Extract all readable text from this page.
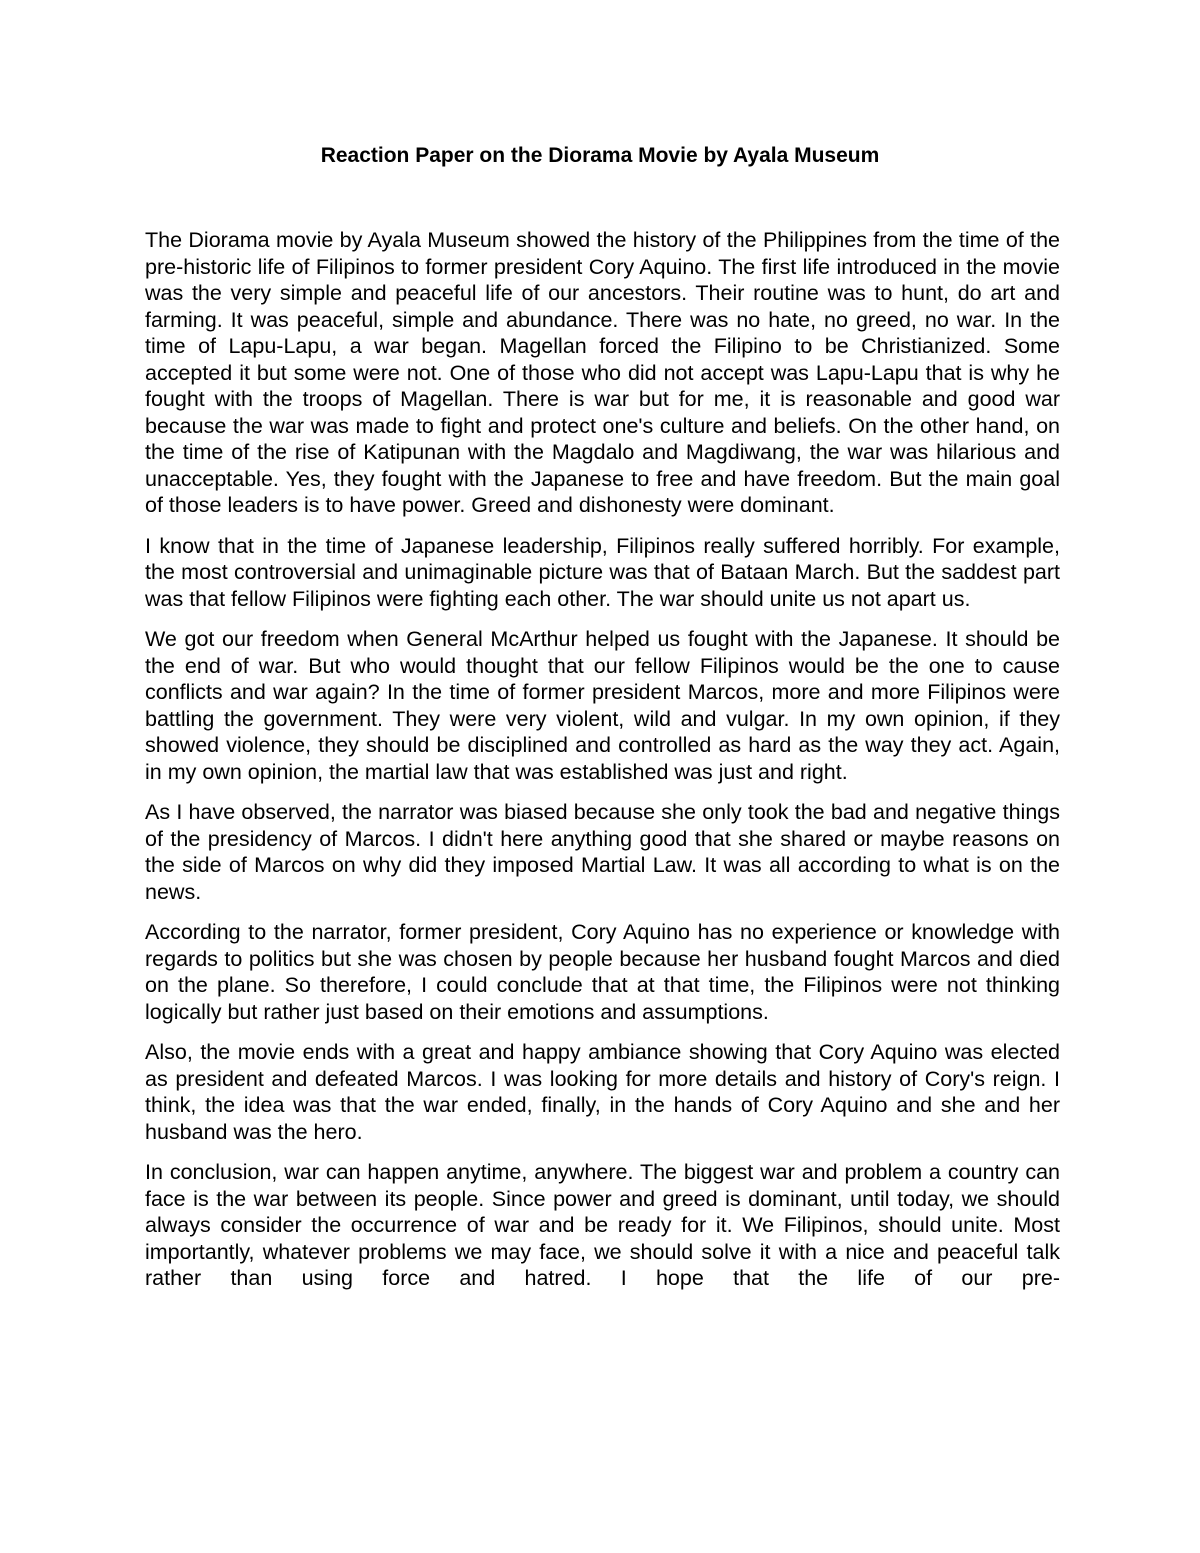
Reaction Paper on the Diorama Movie by Ayala Museum

The Diorama movie by Ayala Museum showed the history of the Philippines from the time of the pre-historic life of Filipinos to former president Cory Aquino. The first life introduced in the movie was the very simple and peaceful life of our ancestors. Their routine was to hunt, do art and farming. It was peaceful, simple and abundance. There was no hate, no greed, no war. In the time of Lapu-Lapu, a war began. Magellan forced the Filipino to be Christianized. Some accepted it but some were not. One of those who did not accept was Lapu-Lapu that is why he fought with the troops of Magellan. There is war but for me, it is reasonable and good war because the war was made to fight and protect one's culture and beliefs. On the other hand, on the time of the rise of Katipunan with the Magdalo and Magdiwang, the war was hilarious and unacceptable. Yes, they fought with the Japanese to free and have freedom. But the main goal of those leaders is to have power. Greed and dishonesty were dominant.

I know that in the time of Japanese leadership, Filipinos really suffered horribly. For example, the most controversial and unimaginable picture was that of Bataan March. But the saddest part was that fellow Filipinos were fighting each other. The war should unite us not apart us.

We got our freedom when General McArthur helped us fought with the Japanese. It should be the end of war. But who would thought that our fellow Filipinos would be the one to cause conflicts and war again? In the time of former president Marcos, more and more Filipinos were battling the government. They were very violent, wild and vulgar. In my own opinion, if they showed violence, they should be disciplined and controlled as hard as the way they act. Again, in my own opinion, the martial law that was established was just and right.

As I have observed, the narrator was biased because she only took the bad and negative things of the presidency of Marcos. I didn't here anything good that she shared or maybe reasons on the side of Marcos on why did they imposed Martial Law. It was all according to what is on the news.

According to the narrator, former president, Cory Aquino has no experience or knowledge with regards to politics but she was chosen by people because her husband fought Marcos and died on the plane. So therefore, I could conclude that at that time, the Filipinos were not thinking logically but rather just based on their emotions and assumptions.

Also, the movie ends with a great and happy ambiance showing that Cory Aquino was elected as president and defeated Marcos. I was looking for more details and history of Cory's reign. I think, the idea was that the war ended, finally, in the hands of Cory Aquino and she and her husband was the hero.

In conclusion, war can happen anytime, anywhere. The biggest war and problem a country can face is the war between its people. Since power and greed is dominant, until today, we should always consider the occurrence of war and be ready for it. We Filipinos, should unite. Most importantly, whatever problems we may face, we should solve it with a nice and peaceful talk rather than using force and hatred. I hope that the life of our pre-
